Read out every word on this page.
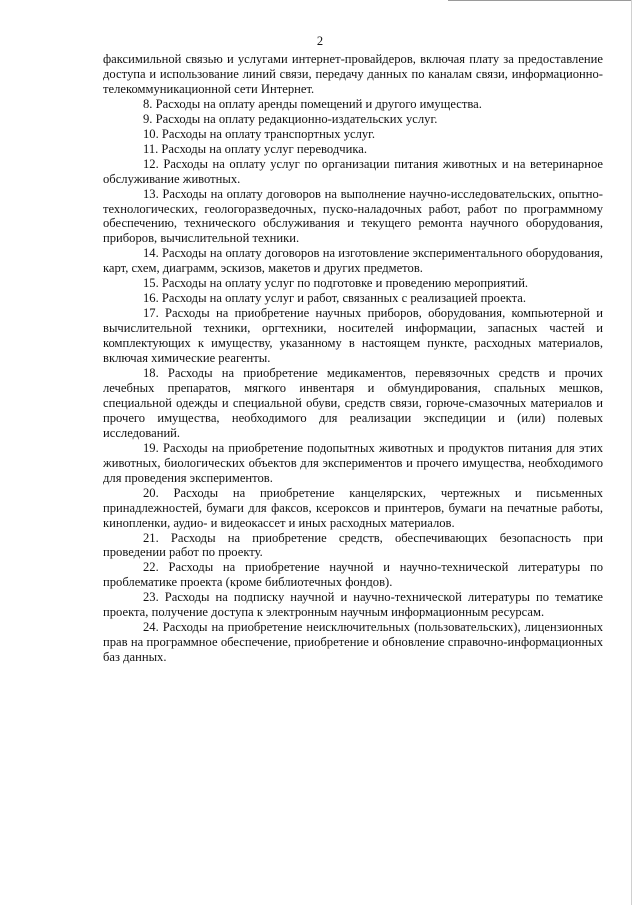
2

факсимильной связью и услугами интернет-провайдеров, включая плату за предоставление доступа и использование линий связи, передачу данных по каналам связи, информационно-телекоммуникационной сети Интернет.

8. Расходы на оплату аренды помещений и другого имущества.

9. Расходы на оплату редакционно-издательских услуг.

10. Расходы на оплату транспортных услуг.

11. Расходы на оплату услуг переводчика.

12. Расходы на оплату услуг по организации питания животных и на ветеринарное обслуживание животных.

13. Расходы на оплату договоров на выполнение научно-исследовательских, опытно-технологических, геологоразведочных, пуско-наладочных работ, работ по программному обеспечению, технического обслуживания и текущего ремонта научного оборудования, приборов, вычислительной техники.

14. Расходы на оплату договоров на изготовление экспериментального оборудования, карт, схем, диаграмм, эскизов, макетов и других предметов.

15. Расходы на оплату услуг по подготовке и проведению мероприятий.

16. Расходы на оплату услуг и работ, связанных с реализацией проекта.

17. Расходы на приобретение научных приборов, оборудования, компьютерной и вычислительной техники, оргтехники, носителей информации, запасных частей и комплектующих к имуществу, указанному в настоящем пункте, расходных материалов, включая химические реагенты.

18. Расходы на приобретение медикаментов, перевязочных средств и прочих лечебных препаратов, мягкого инвентаря и обмундирования, спальных мешков, специальной одежды и специальной обуви, средств связи, горюче-смазочных материалов и прочего имущества, необходимого для реализации экспедиции и (или) полевых исследований.

19. Расходы на приобретение подопытных животных и продуктов питания для этих животных, биологических объектов для экспериментов и прочего имущества, необходимого для проведения экспериментов.

20. Расходы на приобретение канцелярских, чертежных и письменных принадлежностей, бумаги для факсов, ксероксов и принтеров, бумаги на печатные работы, кинопленки, аудио- и видеокассет и иных расходных материалов.

21. Расходы на приобретение средств, обеспечивающих безопасность при проведении работ по проекту.

22. Расходы на приобретение научной и научно-технической литературы по проблематике проекта (кроме библиотечных фондов).

23. Расходы на подписку научной и научно-технической литературы по тематике проекта, получение доступа к электронным научным информационным ресурсам.

24. Расходы на приобретение неисключительных (пользовательских), лицензионных прав на программное обеспечение, приобретение и обновление справочно-информационных баз данных.
